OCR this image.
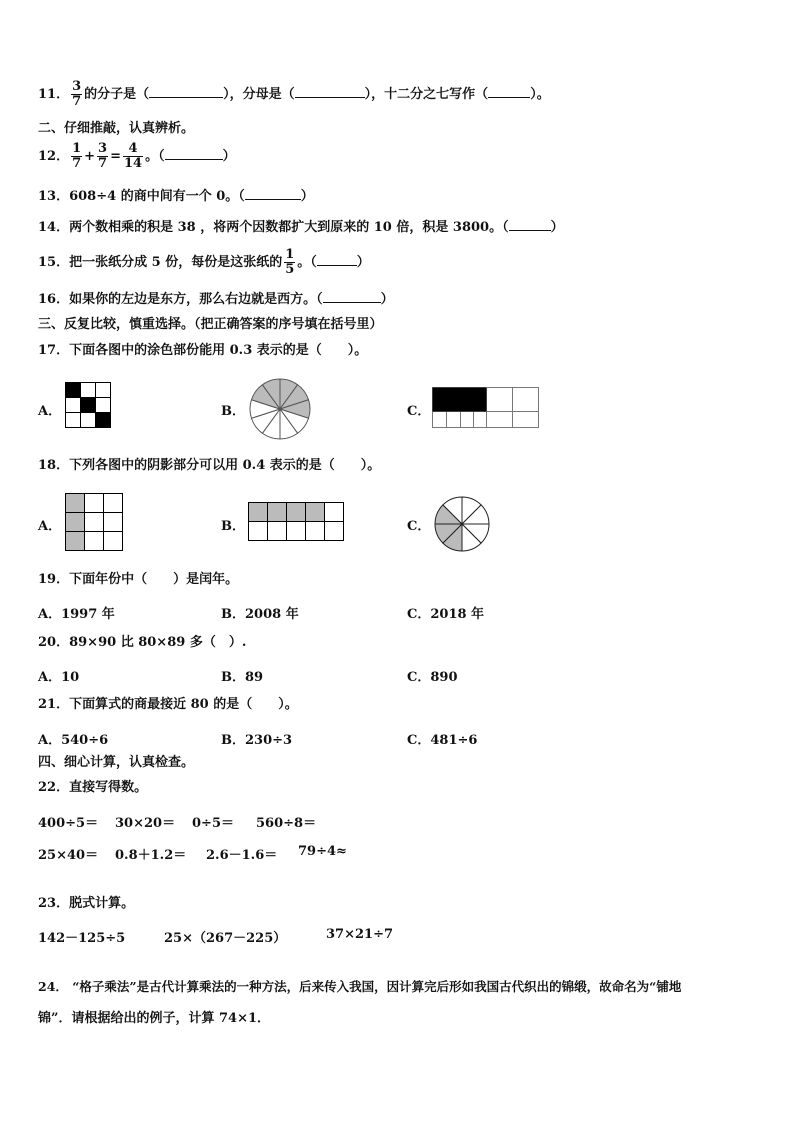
11． $\frac{3}{7}$ 的分子是（	），分母是（	），十二分之七写作（	）。
二、仔细推敲，认真辨析。
12． $\frac{1}{7} + \frac{3}{7} = \frac{4}{14}$ 。（	）
13．608÷4 的商中间有一个 0。（	）
14．两个数相乘的积是 38 ，将两个因数都扩大到原来的 10 倍，积是 3800。（	）
15．把一张纸分成 5 份，每份是这张纸的 $\frac{1}{5}$ 。（	）
16．如果你的左边是东方，那么右边就是西方。（	）
三、反复比较，慎重选择。（把正确答案的序号填在括号里）
17．下面各图中的涂色部份能用 0.3 表示的是（　　）。
A．	B．	C．
18．下列各图中的阴影部分可以用 0.4 表示的是（　　）。
A．	B．	C．
19．下面年份中（　　）是闰年。
A．1997 年	B．2008 年	C．2018 年
20．89×90 比 80×89 多（　）.
A．10	B．89	C．890
21．下面算式的商最接近 80 的是（　　）。
A．540÷6	B．230÷3	C．481÷6
四、细心计算，认真检查。
22．直接写得数。
400÷5＝ 30×20＝ 0÷5＝ 560÷8＝
25×40＝ 0.8＋1.2＝ 2.6－1.6＝ 79÷4≈
23．脱式计算。
142－125÷5	25×（267－225）	37×21÷7
24． “格子乘法”是古代计算乘法的一种方法，后来传入我国，因计算完后形如我国古代织出的锦缎，故命名为“铺地
锦”．请根据给出的例子，计算 74×1．
